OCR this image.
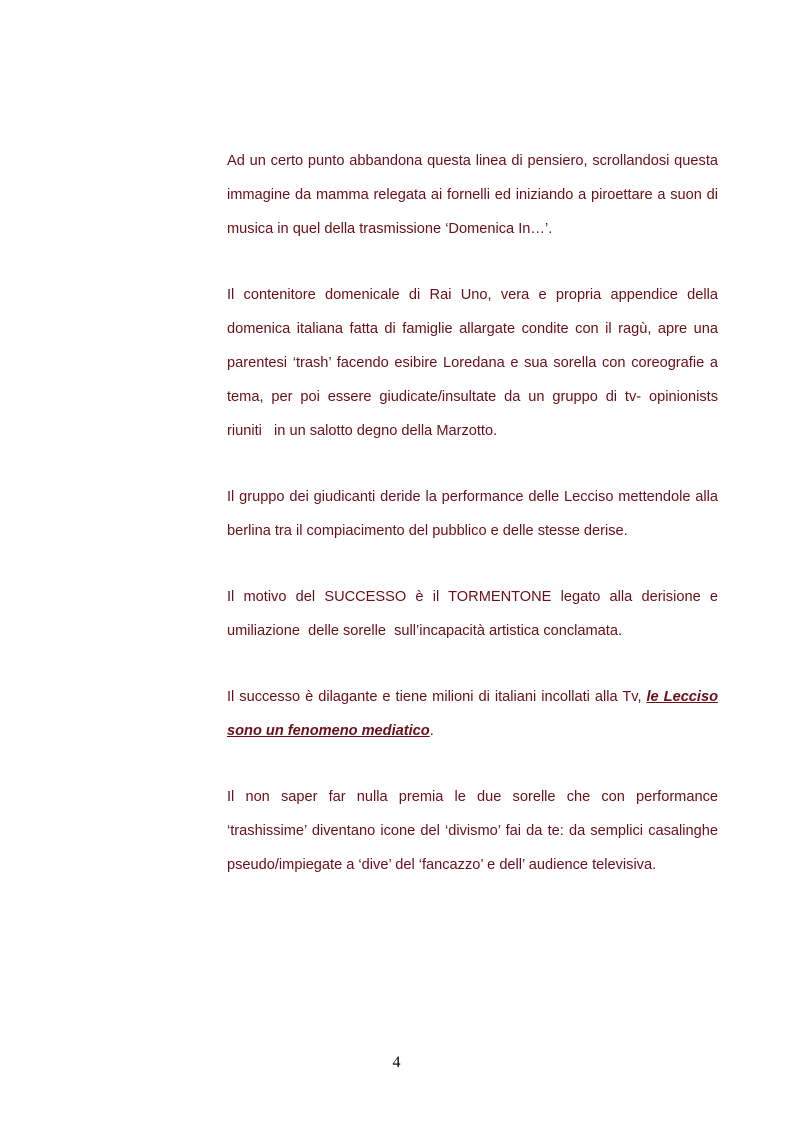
Ad un certo punto abbandona questa linea di pensiero, scrollandosi questa
immagine da mamma relegata ai fornelli ed iniziando a piroettare a suon di
musica in quel della trasmissione ‘Domenica In…’.

Il contenitore domenicale di Rai Uno, vera e propria appendice della
domenica italiana fatta di famiglie allargate condite con il ragù, apre una
parentesi ‘trash’ facendo esibire Loredana e sua sorella con coreografie a
tema, per poi essere giudicate/insultate da un gruppo di tv- opinionists
riuniti   in un salotto degno della Marzotto.

Il gruppo dei giudicanti deride la performance delle Lecciso mettendole alla
berlina tra il compiacimento del pubblico e delle stesse derise.

Il motivo del SUCCESSO è il TORMENTONE legato alla derisione e
umiliazione  delle sorelle  sull’incapacità artistica conclamata.

Il successo è dilagante e tiene milioni di italiani incollati alla Tv, le Lecciso
sono un fenomeno mediatico.

Il non saper far nulla premia le due sorelle che con performance
‘trashissime’ diventano icone del ‘divismo’ fai da te: da semplici casalinghe
pseudo/impiegate a ‘dive’ del ‘fancazzo’ e dell’ audience televisiva.

4
